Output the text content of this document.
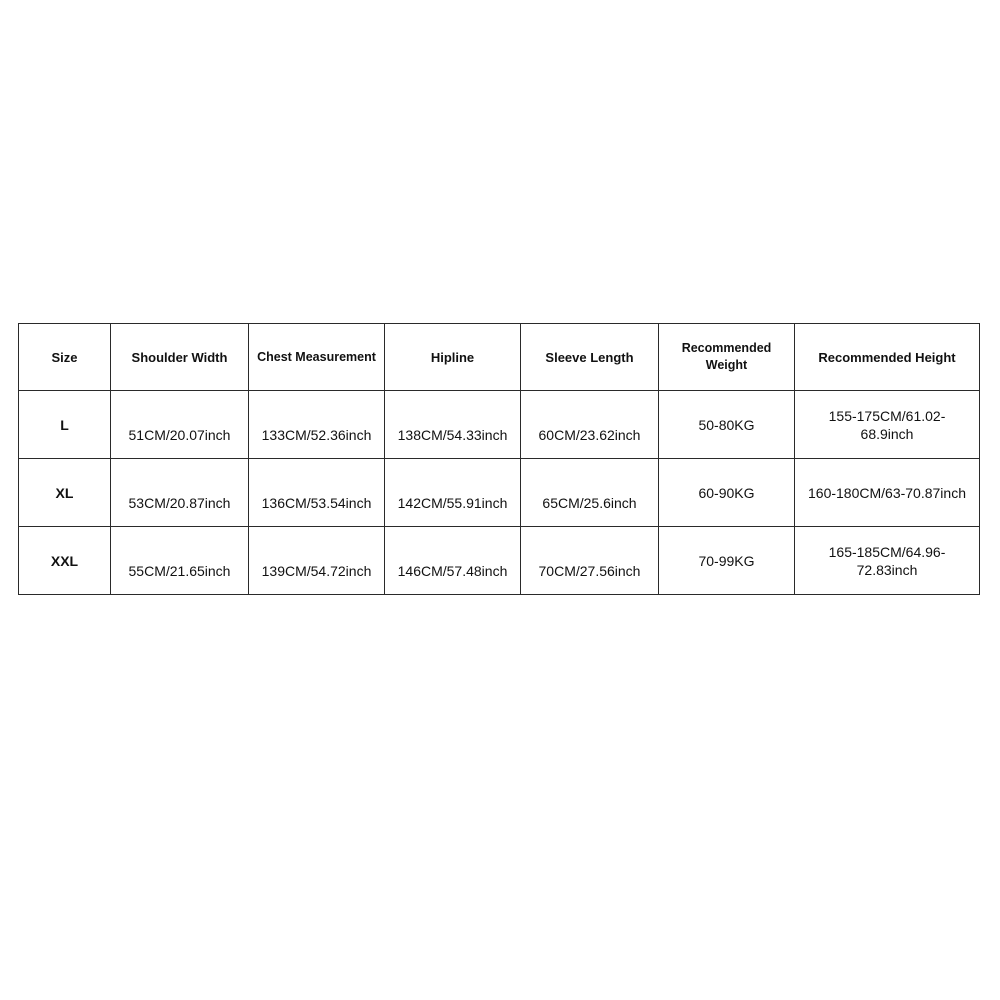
Size	Shoulder Width	Chest Measurement	Hipline	Sleeve Length	Recommended Weight	Recommended Height

L	51CM/20.07inch	133CM/52.36inch	138CM/54.33inch	60CM/23.62inch	50-80KG	155-175CM/61.02-68.9inch

XL	53CM/20.87inch	136CM/53.54inch	142CM/55.91inch	65CM/25.6inch	60-90KG	160-180CM/63-70.87inch

XXL	55CM/21.65inch	139CM/54.72inch	146CM/57.48inch	70CM/27.56inch	70-99KG	165-185CM/64.96-72.83inch
